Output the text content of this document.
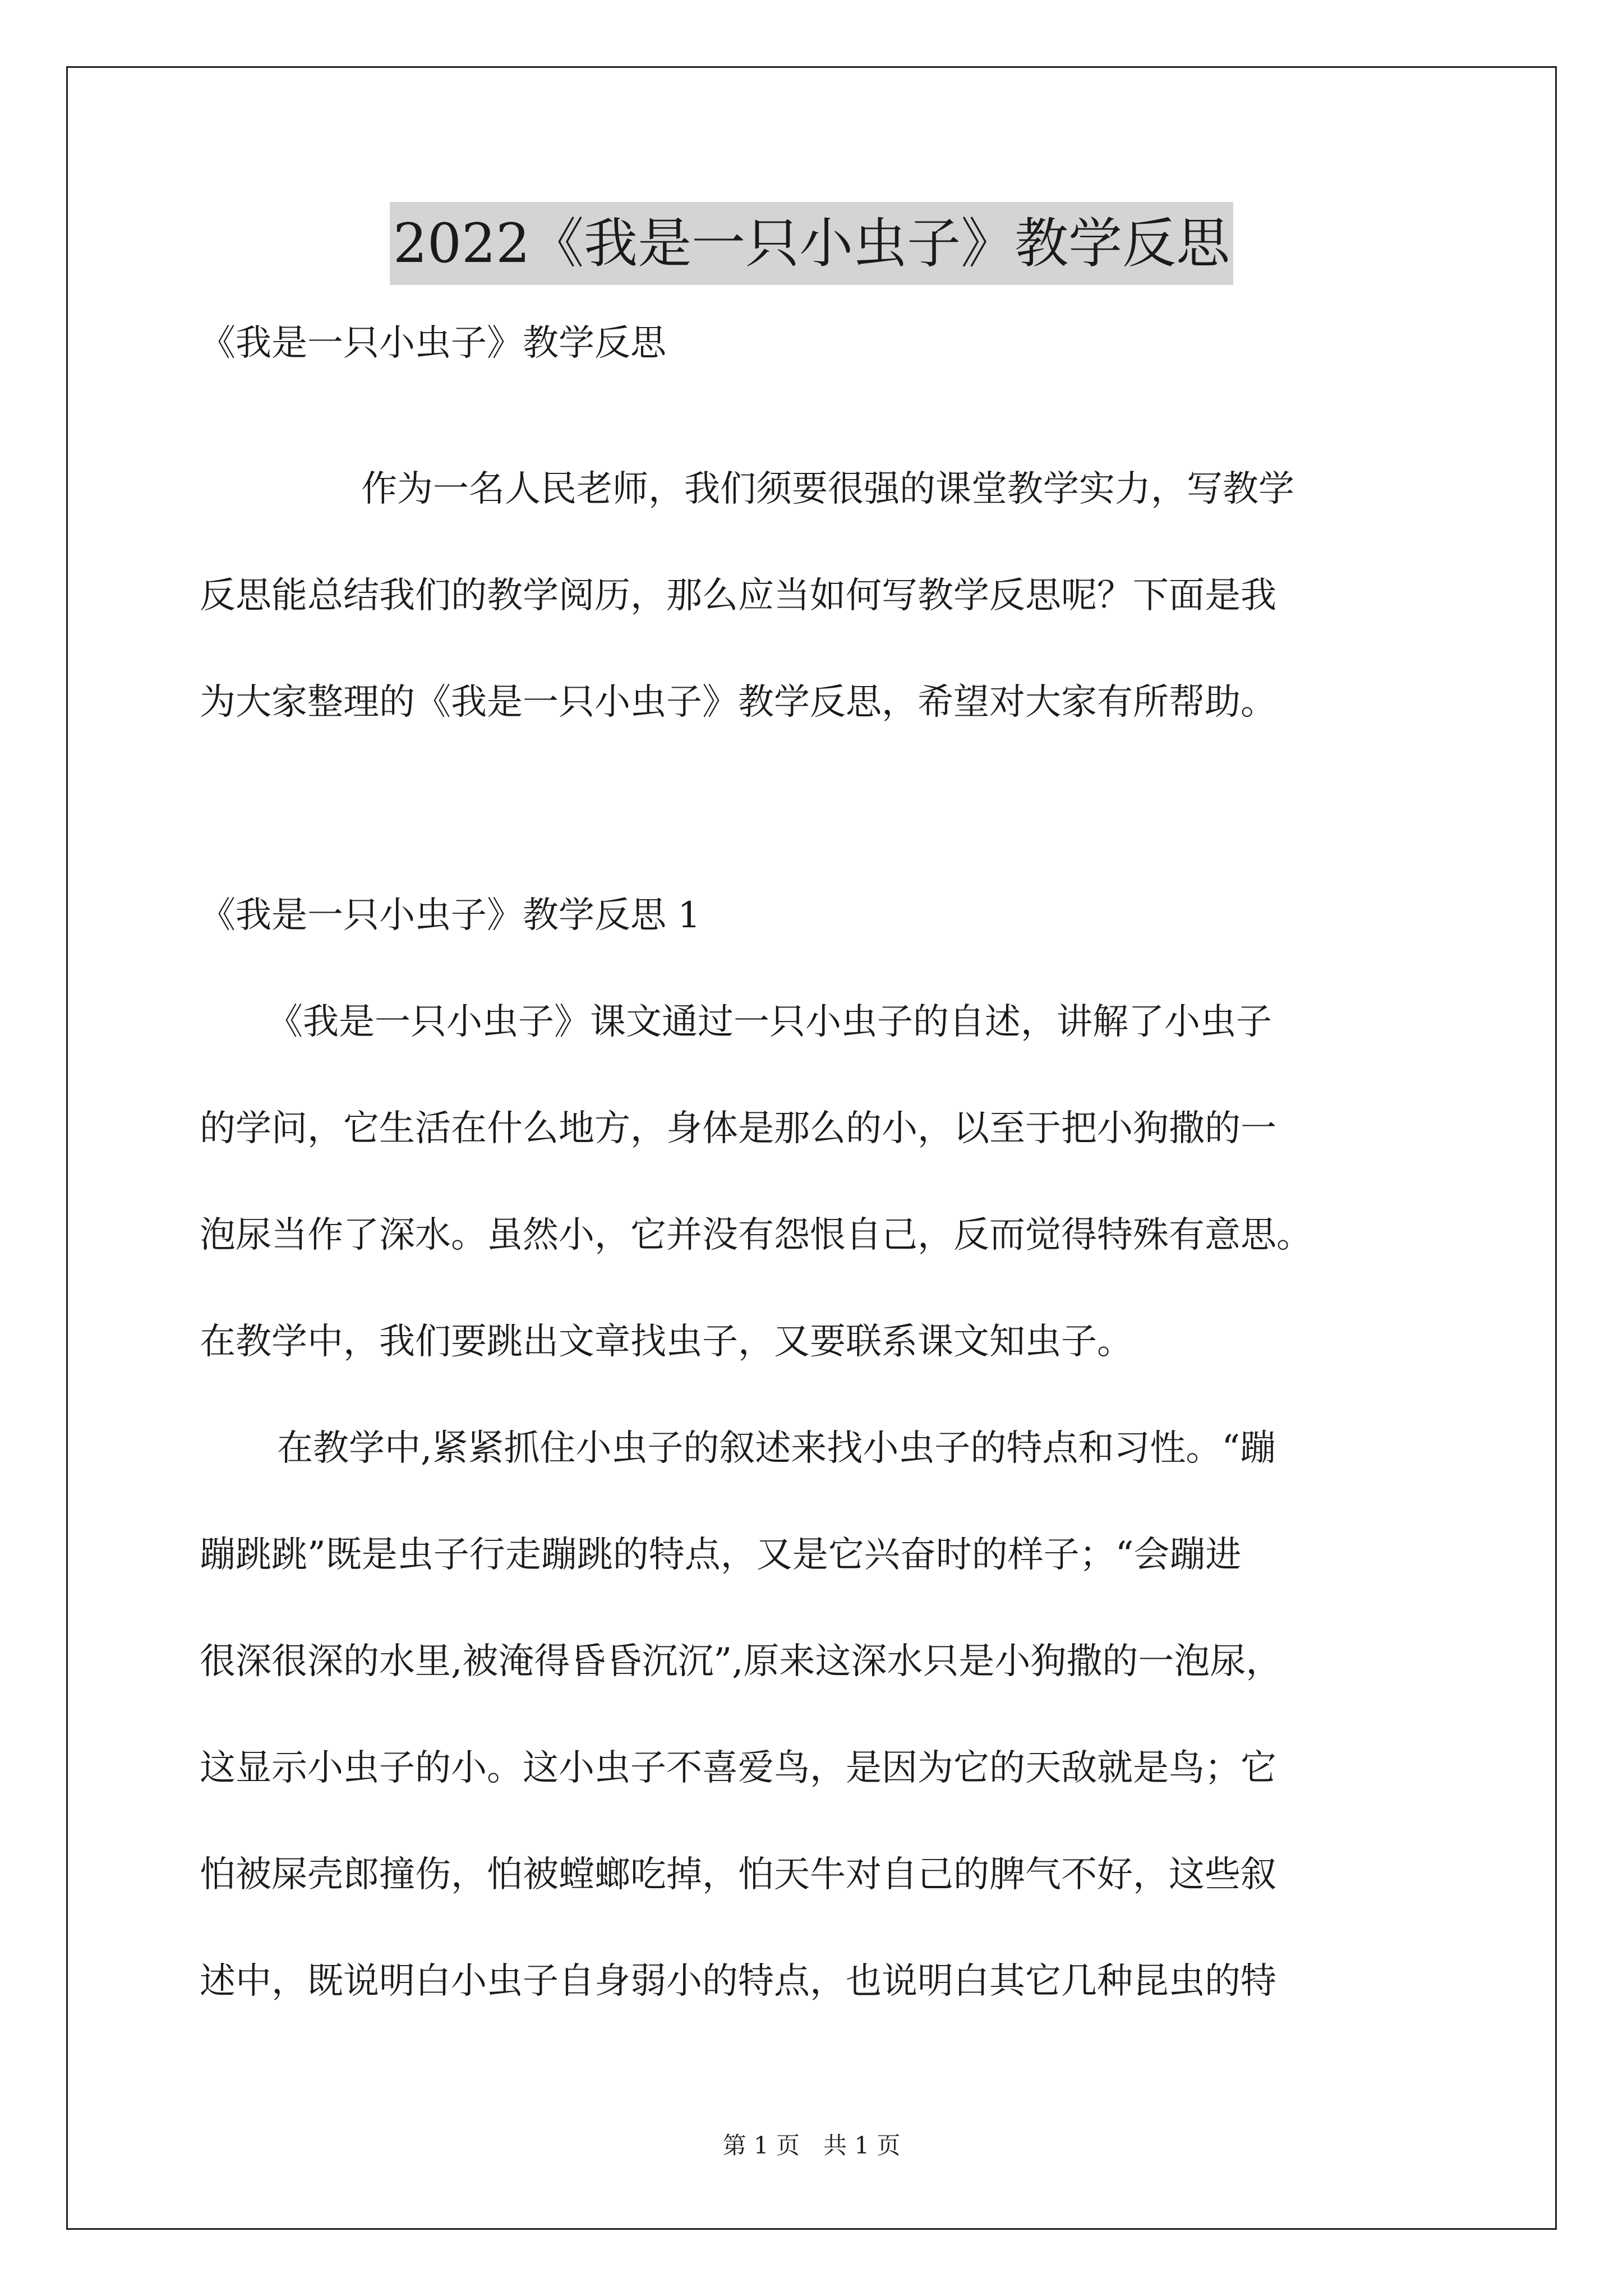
2022《我是一只小虫子》教学反思
《我是一只小虫子》教学反思
作为一名人民老师，我们须要很强的课堂教学实力，写教学
反思能总结我们的教学阅历，那么应当如何写教学反思呢？下面是我
为大家整理的《我是一只小虫子》教学反思，希望对大家有所帮助。
《我是一只小虫子》教学反思 1
《我是一只小虫子》课文通过一只小虫子的自述，讲解了小虫子
的学问，它生活在什么地方，身体是那么的小，以至于把小狗撒的一
泡尿当作了深水。虽然小，它并没有怨恨自己，反而觉得特殊有意思。
在教学中，我们要跳出文章找虫子，又要联系课文知虫子。
在教学中,紧紧抓住小虫子的叙述来找小虫子的特点和习性。“蹦
蹦跳跳”既是虫子行走蹦跳的特点，又是它兴奋时的样子；“会蹦进
很深很深的水里,被淹得昏昏沉沉”,原来这深水只是小狗撒的一泡尿，
这显示小虫子的小。这小虫子不喜爱鸟，是因为它的天敌就是鸟；它
怕被屎壳郎撞伤，怕被螳螂吃掉，怕天牛对自己的脾气不好，这些叙
述中，既说明白小虫子自身弱小的特点，也说明白其它几种昆虫的特
第 1 页　共 1 页
